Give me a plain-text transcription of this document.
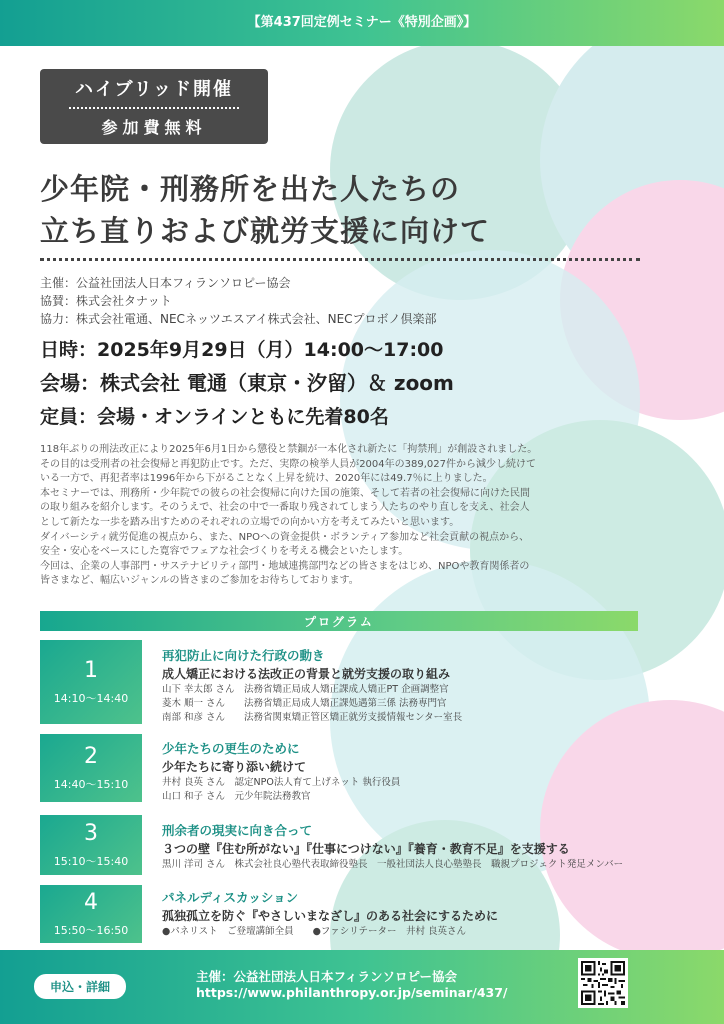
【第437回定例セミナー《特別企画》】
ハイブリッド開催
参加費無料
少年院・刑務所を出た人たちの
立ち直りおよび就労支援に向けて
主催：公益社団法人日本フィランソロピー協会
協賛：株式会社タナット
協力：株式会社電通、NECネッツエスアイ株式会社、NECプロボノ倶楽部
日時：2025年9月29日（月）14:00〜17:00
会場：株式会社 電通（東京・汐留）＆ zoom
定員：会場・オンラインともに先着80名
118年ぶりの刑法改正により2025年6月1日から懲役と禁錮が一本化され新たに「拘禁刑」が創設されました。
その目的は受刑者の社会復帰と再犯防止です。ただ、実際の検挙人員が2004年の389,027件から減少し続けて
いる一方で、再犯者率は1996年から下がることなく上昇を続け、2020年には49.7％に上りました。
本セミナーでは、刑務所・少年院での彼らの社会復帰に向けた国の施策、そして若者の社会復帰に向けた民間
の取り組みを紹介します。そのうえで、社会の中で一番取り残されてしまう人たちのやり直しを支え、社会人
として新たな一歩を踏み出すためのそれぞれの立場での向かい方を考えてみたいと思います。
ダイバーシティ就労促進の視点から、また、NPOへの資金提供・ボランティア参加など社会貢献の視点から、
安全・安心をベースにした寛容でフェアな社会づくりを考える機会といたします。
今回は、企業の人事部門・サステナビリティ部門・地域連携部門などの皆さまをはじめ、NPOや教育関係者の
皆さまなど、幅広いジャンルの皆さまのご参加をお待ちしております。
プログラム
1
14:10〜14:40
再犯防止に向けた行政の動き
成人矯正における法改正の背景と就労支援の取り組み
山下 幸太郎 さん　法務省矯正局成人矯正課成人矯正PT 企画調整官
菱木 順一 さん　　法務省矯正局成人矯正課処遇第三係 法務専門官
南部 和彦 さん　　法務省関東矯正管区矯正就労支援情報センター室長
2
14:40〜15:10
少年たちの更生のために
少年たちに寄り添い続けて
井村 良英 さん　認定NPO法人育て上げネット 執行役員
山口 和子 さん　元少年院法務教官
3
15:10〜15:40
刑余者の現実に向き合って
３つの壁『住む所がない』『仕事につけない』『養育・教育不足』を支援する
黒川 洋司 さん　株式会社良心塾代表取締役塾長　一般社団法人良心塾塾長　職親プロジェクト発足メンバー
4
15:50〜16:50
パネルディスカッション
孤独孤立を防ぐ『やさしいまなざし』のある社会にするために
●パネリスト　ご登壇講師全員　　●ファシリテーター　井村 良英さん
申込・詳細
主催：公益社団法人日本フィランソロピー協会
https://www.philanthropy.or.jp/seminar/437/
